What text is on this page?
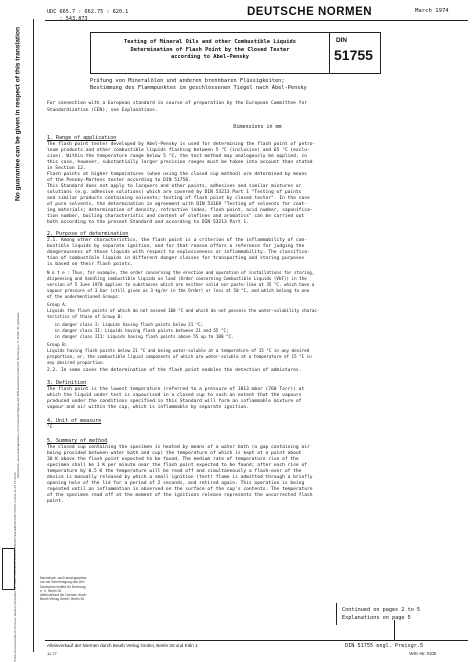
UDC 665.7 : 662.75 : 620.1
: 543.873
DEUTSCHE NORMEN	March 1974
No guarantee can be given in respect of this translation
Nachdruck, auch auszugsweise, nur mit Genehmigung des DIN Deutsches Institut für Normung e. V., Berlin 30, gestattet.
Sofort-Download-Beuth-Thomson Reuters (Scientific) Inc.-KdNr.7548193-ID.0F2978728C9977E2DE8C3D135F7F4567-4-2011-12-07 14:42:03	Nachdruck, auch auszugsweise,
nur mit Genehmigung des DIN
Deutsches Institut für Normung
e. V., Berlin 30
Alleinverkauf der Normen durch
Beuth Verlag GmbH, Berlin 30
Testing of Mineral Oils and other Combustible Liquids
Determination of Flash Point by the Closed Tester
according to Abel-Pensky
DIN
51755
Prüfung von Mineralölen und anderen brennbaren Flüssigkeiten;
Bestimmung des Flammpunktes im geschlossenen Tiegel nach Abel-Pensky
For connection with a European standard in course of preparation by the European Committee for
Standardization (CEN), see Explanations.
Dimensions in mm
1. Range of application
The flash point tester developed by Abel-Pensky is used for determining the flash point of petro-
leum products and other combustible liquids flashing between 5 °C (inclusive) and 65 °C (exclu-
sive). Within the temperature range below 5 °C, the test method may analogously be applied, in
this case, however, substantially larger precision ranges must be taken into account than stated
in Section 12.
Flash points at higher temperatures (when using the closed cup method) are determined by means
of the Pensky-Martens tester according to DIN 51758.
This Standard does not apply to lacquers and other paints, adhesives and similar mixtures or
solutions (e.g. adhesive solutions) which are covered by DIN 53213 Part 1 "Testing of paints
and similar products containing solvents; testing of flash point by closed tester". In the case
of pure solvents, the determination in agreement with DIN 53169 "Testing of solvents for coat-
ing materials; determination of density, refractive index, flash point, acid number, saponifica-
tion number, boiling characteristic and content of olefines and aromatics" can be carried out
both according to the present Standard and according to DIN 53213 Part 1.
2. Purpose of determination
2.1. Among other characteristics, the flash point is a criterion of the inflammability of com-
bustible liquids by separate ignition, and for that reason offers a reference for judging the
dangerousness of those liquids with respect to explosiveness or inflammability. The classifica-
tion of combustible liquids in different danger classes for transporting and storing purposes
is based on their flash points.
N o t e : Thus, for example, the order concerning the erection and operation of installations for storing,
dispensing and handling combustible liquids on land (Order concerning Combustible Liquids (VbF)) in the
version of 5 June 1970 applies to substances which are neither solid nor paste-like at 35 °C, which have a
vapour pressure of 3 bar (still given as 3 kg/m² in the Order) or less at 50 °C, and which belong to one
of the undermentioned Groups:
Group A:
Liquids the flash points of which do not exceed 100 °C and which do not possess the water-solubility charac-
teristics of those of Group B:
in danger class I: Liquids having flash points below 21 °C;
in danger class II: Liquids having flash points between 21 and 55 °C;
in danger class III: Liquids having flash points above 55 up to 100 °C.
Group B:
Liquids having flash points below 21 °C and being water-soluble at a temperature of 15 °C in any desired
proportion, or, the combustible liquid components of which are water-soluble at a temperature of 15 °C in
any desired proportion.
2.2. In some cases the determination of the flash point enables the detection of admixtures.
3. Definition
The flash point is the lowest temperature (referred to a pressure of 1013 mbar (760 Torr)) at
which the liquid under test is vapourised in a closed cup to such an extent that the vapours
produced under the conditions specified in this Standard will form an inflammable mixture of
vapour and air within the cup, which is inflammable by separate ignition.
4. Unit of measure
°C
5. Summary of method
The closed cup containing the specimen is heated by means of a water bath (a gap containing air
being provided between water bath and cup) the temperature of which is kept at a point about
30 K above the flash point expected to be found. The medium rate of temperature rise of the
specimen shall be 1 K per minute near the flash point expected to be found; after each rise of
temperature by 0.5 K the temperature will be read off and simultaneously a flash-over of the
device is manually released by which a small ignition (test) flame is admitted through a briefly
opening hole of the lid for a period of 2 seconds, and retired again. This operation is being
repeated until an inflammation is observed on the surface of the cup's contents. The temperature
of the specimen read off at the moment of the ignitions release represents the uncorrected flash
point.
Continued on pages 2 to 5
Explanations on page 5
Alleinverkauf der Normen durch Beuth Verlag GmbH, Berlin 30 und Köln 1
11.77
DIN 51755 engl. Preisgr.5
Vertr.-Nr. 0105
